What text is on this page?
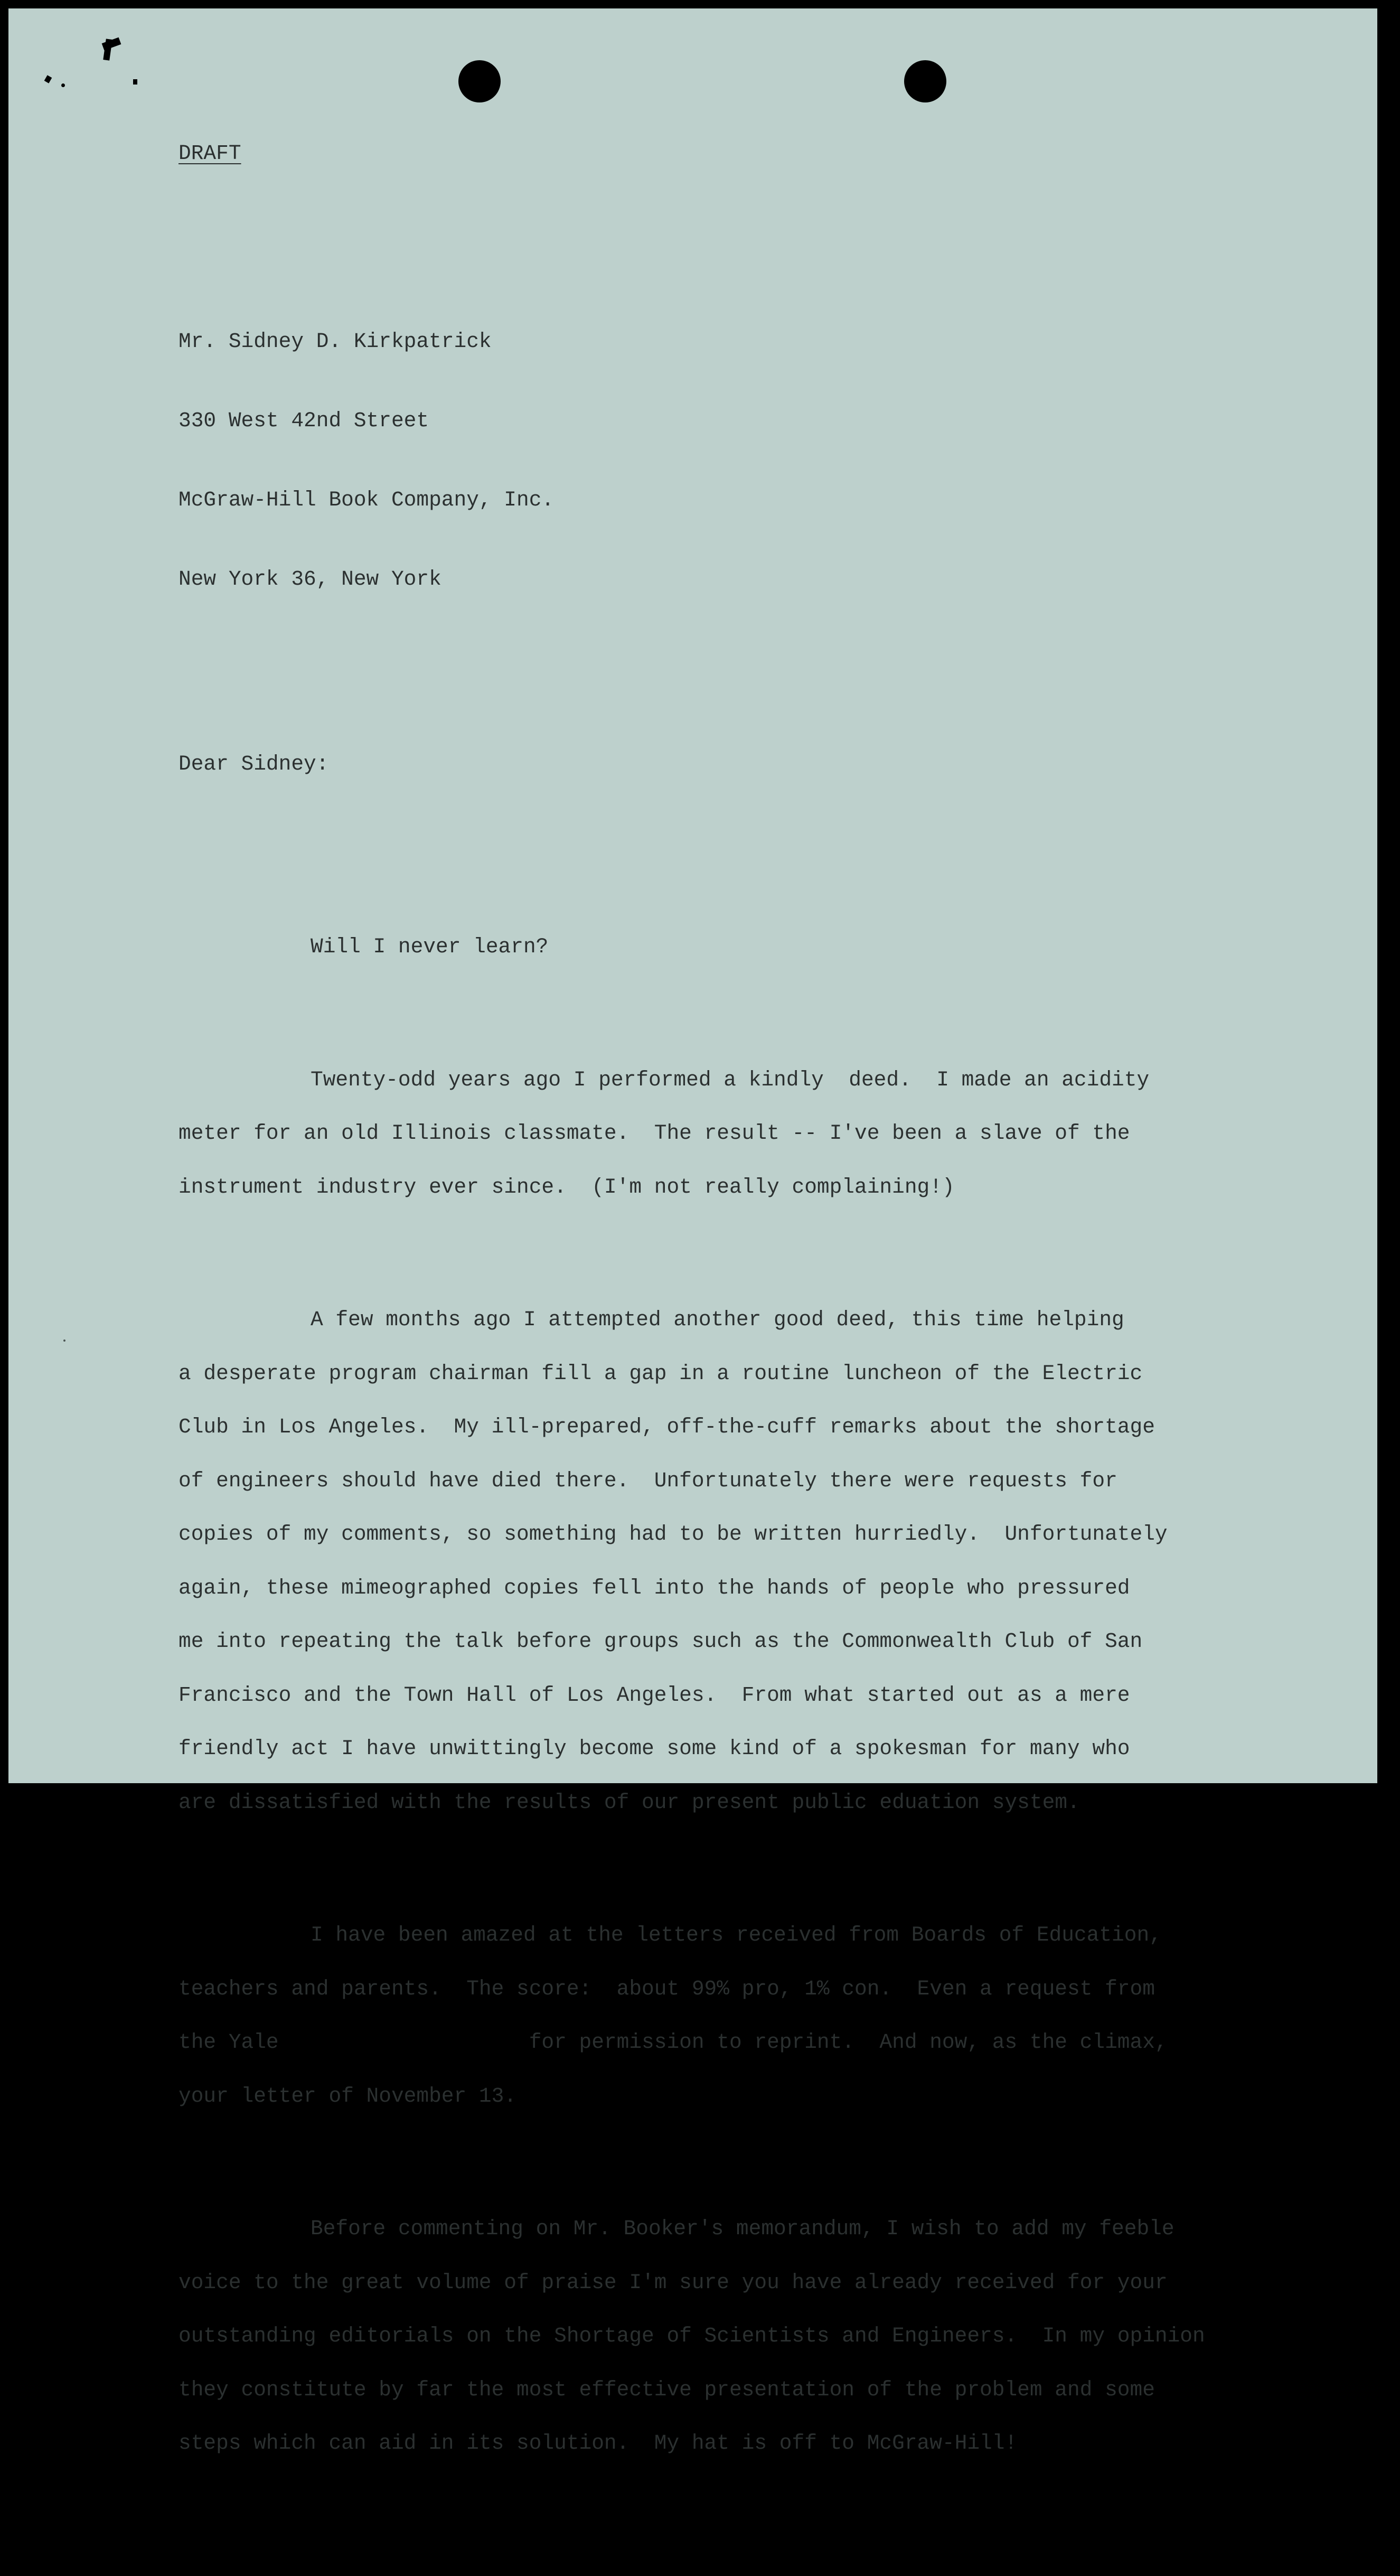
DRAFT

Mr. Sidney D. Kirkpatrick

330 West 42nd Street

McGraw-Hill Book Company, Inc.

New York 36, New York

Dear Sidney:

Will I never learn?

Twenty-odd years ago I performed a kindly  deed.  I made an acidity
meter for an old Illinois classmate.  The result -- I've been a slave of the
instrument industry ever since.  (I'm not really complaining!)

A few months ago I attempted another good deed, this time helping
a desperate program chairman fill a gap in a routine luncheon of the Electric
Club in Los Angeles.  My ill-prepared, off-the-cuff remarks about the shortage
of engineers should have died there.  Unfortunately there were requests for
copies of my comments, so something had to be written hurriedly.  Unfortunately
again, these mimeographed copies fell into the hands of people who pressured
me into repeating the talk before groups such as the Commonwealth Club of San
Francisco and the Town Hall of Los Angeles.  From what started out as a mere
friendly act I have unwittingly become some kind of a spokesman for many who
are dissatisfied with the results of our present public eduation system.

I have been amazed at the letters received from Boards of Education,
teachers and parents.  The score:  about 99% pro, 1% con.  Even a request from
the Yale                    for permission to reprint.  And now, as the climax,
your letter of November 13.

Before commenting on Mr. Booker's memorandum, I wish to add my feeble
voice to the great volume of praise I'm sure you have already received for your
outstanding editorials on the Shortage of Scientists and Engineers.  In my opinion
they constitute by far the most effective presentation of the problem and some
steps which can aid in its solution.  My hat is off to McGraw-Hill!
